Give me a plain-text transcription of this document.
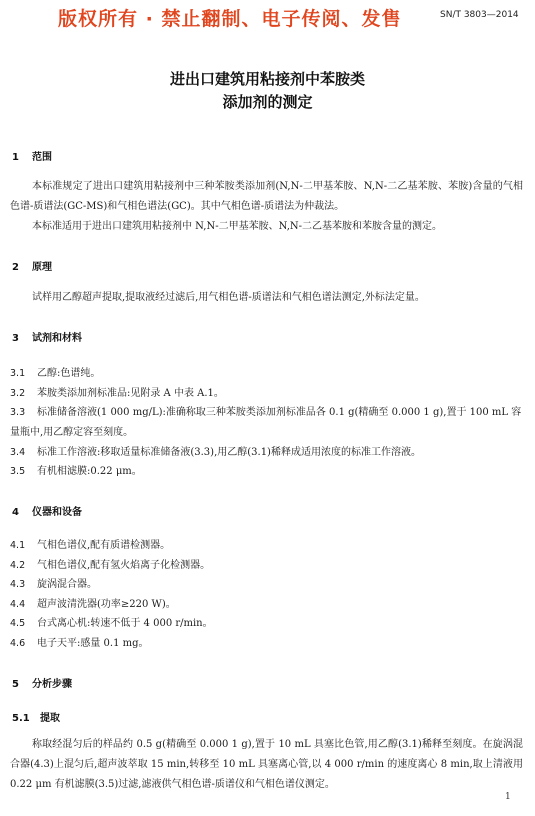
版权所有 · 禁止翻制、电子传阅、发售	SN/T 3803—2014
进出口建筑用粘接剂中苯胺类
添加剂的测定
1 范围
本标准规定了进出口建筑用粘接剂中三种苯胺类添加剂(N,N-二甲基苯胺、N,N-二乙基苯胺、苯胺)含量的气相色谱-质谱法(GC-MS)和气相色谱法(GC)。其中气相色谱-质谱法为仲裁法。
本标准适用于进出口建筑用粘接剂中 N,N-二甲基苯胺、N,N-二乙基苯胺和苯胺含量的测定。
2 原理
试样用乙醇超声提取,提取液经过滤后,用气相色谱-质谱法和气相色谱法测定,外标法定量。
3 试剂和材料
3.1 乙醇:色谱纯。
3.2 苯胺类添加剂标准品:见附录 A 中表 A.1。
3.3 标准储备溶液(1 000 mg/L):准确称取三种苯胺类添加剂标准品各 0.1 g(精确至 0.000 1 g),置于 100 mL 容量瓶中,用乙醇定容至刻度。
3.4 标准工作溶液:移取适量标准储备液(3.3),用乙醇(3.1)稀释成适用浓度的标准工作溶液。
3.5 有机相滤膜:0.22 μm。
4 仪器和设备
4.1 气相色谱仪,配有质谱检测器。
4.2 气相色谱仪,配有氢火焰离子化检测器。
4.3 旋涡混合器。
4.4 超声波清洗器(功率≥220 W)。
4.5 台式离心机:转速不低于 4 000 r/min。
4.6 电子天平:感量 0.1 mg。
5 分析步骤
5.1 提取
称取经混匀后的样品约 0.5 g(精确至 0.000 1 g),置于 10 mL 具塞比色管,用乙醇(3.1)稀释至刻度。在旋涡混合器(4.3)上混匀后,超声波萃取 15 min,转移至 10 mL 具塞离心管,以 4 000 r/min 的速度离心 8 min,取上清液用 0.22 μm 有机滤膜(3.5)过滤,滤液供气相色谱-质谱仪和气相色谱仪测定。
1
